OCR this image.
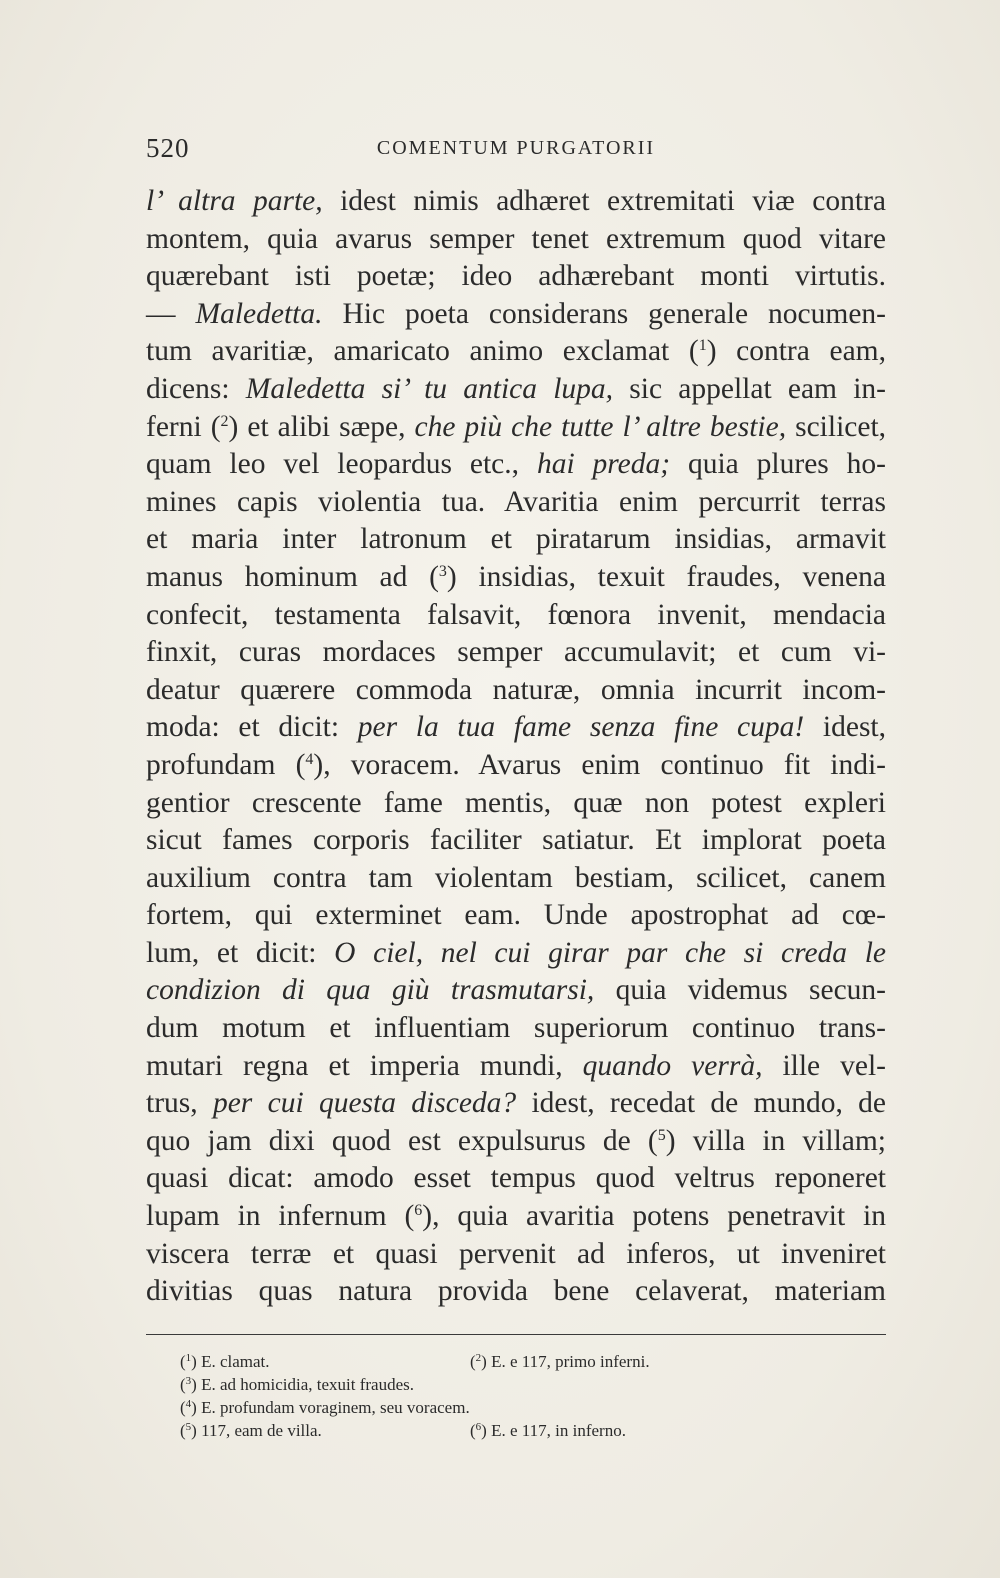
520	COMENTUM PURGATORII
l’ altra parte, idest nimis adhæret extremitati viæ contra
montem, quia avarus semper tenet extremum quod vitare
quærebant isti poetæ; ideo adhærebant monti virtutis.
— Maledetta. Hic poeta considerans generale nocumen-
tum avaritiæ, amaricato animo exclamat ($^1$) contra eam,
dicens: Maledetta si’ tu antica lupa, sic appellat eam in-
ferni ($^2$) et alibi sæpe, che più che tutte l’ altre bestie, scilicet,
quam leo vel leopardus etc., hai preda; quia plures ho-
mines capis violentia tua. Avaritia enim percurrit terras
et maria inter latronum et piratarum insidias, armavit
manus hominum ad ($^3$) insidias, texuit fraudes, venena
confecit, testamenta falsavit, fœnora invenit, mendacia
finxit, curas mordaces semper accumulavit; et cum vi-
deatur quærere commoda naturæ, omnia incurrit incom-
moda: et dicit: per la tua fame senza fine cupa! idest,
profundam ($^4$), voracem. Avarus enim continuo fit indi-
gentior crescente fame mentis, quæ non potest expleri
sicut fames corporis faciliter satiatur. Et implorat poeta
auxilium contra tam violentam bestiam, scilicet, canem
fortem, qui exterminet eam. Unde apostrophat ad cœ-
lum, et dicit: O ciel, nel cui girar par che si creda le
condizion di qua giù trasmutarsi, quia videmus secun-
dum motum et influentiam superiorum continuo trans-
mutari regna et imperia mundi, quando verrà, ille vel-
trus, per cui questa disceda? idest, recedat de mundo, de
quo jam dixi quod est expulsurus de ($^5$) villa in villam;
quasi dicat: amodo esset tempus quod veltrus reponeret
lupam in infernum ($^6$), quia avaritia potens penetravit in
viscera terræ et quasi pervenit ad inferos, ut inveniret
divitias quas natura provida bene celaverat, materiam
($^1$) E. clamat.	($^2$) E. e 117, primo inferni.
($^3$) E. ad homicidia, texuit fraudes.
($^4$) E. profundam voraginem, seu voracem.
($^5$) 117, eam de villa.	($^6$) E. e 117, in inferno.
